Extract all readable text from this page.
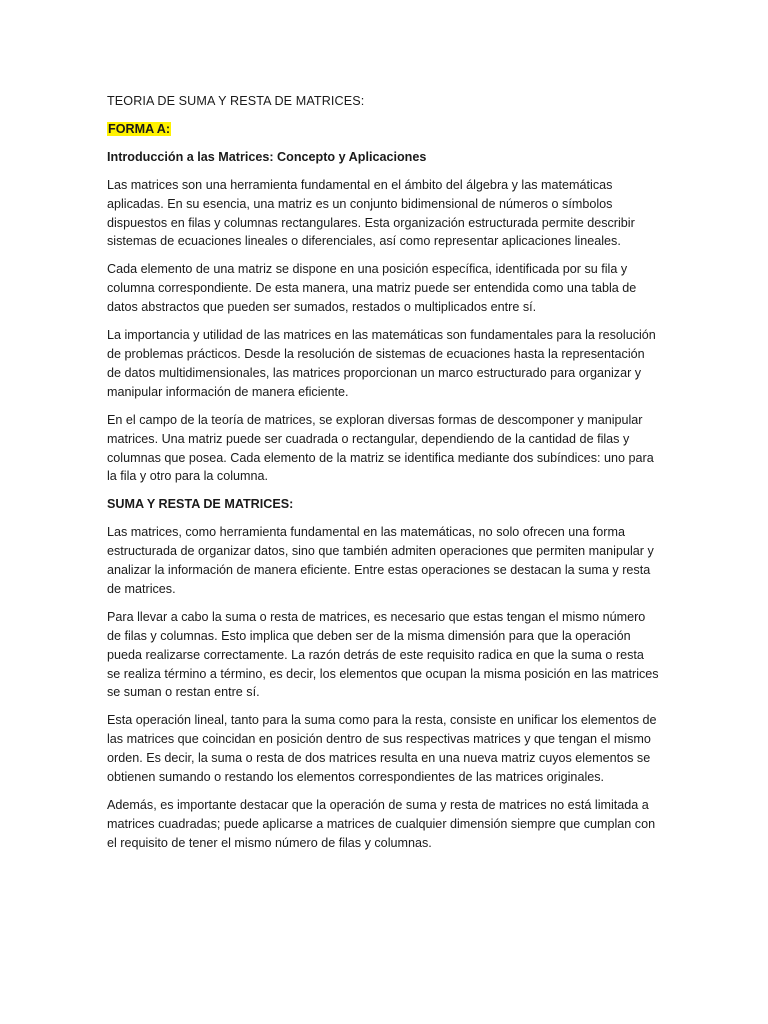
TEORIA DE SUMA Y RESTA DE MATRICES:

FORMA A:

Introducción a las Matrices: Concepto y Aplicaciones

Las matrices son una herramienta fundamental en el ámbito del álgebra y las matemáticas aplicadas. En su esencia, una matriz es un conjunto bidimensional de números o símbolos dispuestos en filas y columnas rectangulares. Esta organización estructurada permite describir sistemas de ecuaciones lineales o diferenciales, así como representar aplicaciones lineales.

Cada elemento de una matriz se dispone en una posición específica, identificada por su fila y columna correspondiente. De esta manera, una matriz puede ser entendida como una tabla de datos abstractos que pueden ser sumados, restados o multiplicados entre sí.

La importancia y utilidad de las matrices en las matemáticas son fundamentales para la resolución de problemas prácticos. Desde la resolución de sistemas de ecuaciones hasta la representación de datos multidimensionales, las matrices proporcionan un marco estructurado para organizar y manipular información de manera eficiente.

En el campo de la teoría de matrices, se exploran diversas formas de descomponer y manipular matrices. Una matriz puede ser cuadrada o rectangular, dependiendo de la cantidad de filas y columnas que posea. Cada elemento de la matriz se identifica mediante dos subíndices: uno para la fila y otro para la columna.

SUMA Y RESTA DE MATRICES:

Las matrices, como herramienta fundamental en las matemáticas, no solo ofrecen una forma estructurada de organizar datos, sino que también admiten operaciones que permiten manipular y analizar la información de manera eficiente. Entre estas operaciones se destacan la suma y resta de matrices.

Para llevar a cabo la suma o resta de matrices, es necesario que estas tengan el mismo número de filas y columnas. Esto implica que deben ser de la misma dimensión para que la operación pueda realizarse correctamente. La razón detrás de este requisito radica en que la suma o resta se realiza término a término, es decir, los elementos que ocupan la misma posición en las matrices se suman o restan entre sí.

Esta operación lineal, tanto para la suma como para la resta, consiste en unificar los elementos de las matrices que coincidan en posición dentro de sus respectivas matrices y que tengan el mismo orden. Es decir, la suma o resta de dos matrices resulta en una nueva matriz cuyos elementos se obtienen sumando o restando los elementos correspondientes de las matrices originales.

Además, es importante destacar que la operación de suma y resta de matrices no está limitada a matrices cuadradas; puede aplicarse a matrices de cualquier dimensión siempre que cumplan con el requisito de tener el mismo número de filas y columnas.
